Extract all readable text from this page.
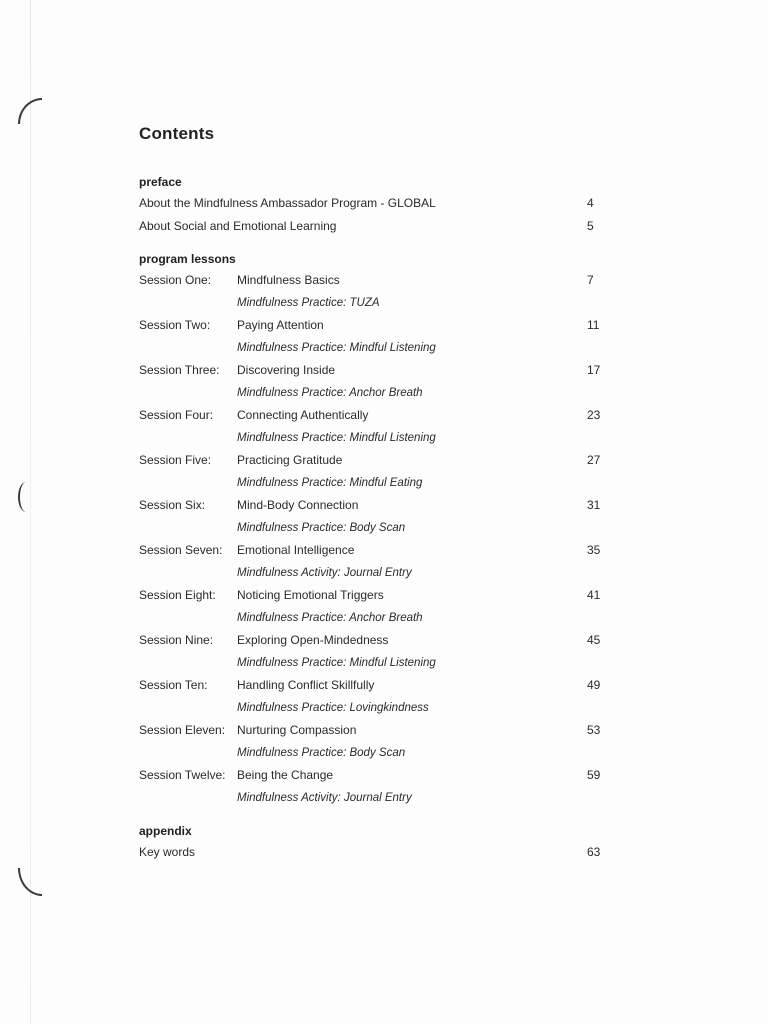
Contents
preface
About the Mindfulness Ambassador Program - GLOBAL	4
About Social and Emotional Learning	5
program lessons
Session One: Mindfulness Basics	7
Mindfulness Practice: TUZA
Session Two: Paying Attention	11
Mindfulness Practice: Mindful Listening
Session Three: Discovering Inside	17
Mindfulness Practice: Anchor Breath
Session Four: Connecting Authentically	23
Mindfulness Practice: Mindful Listening
Session Five: Practicing Gratitude	27
Mindfulness Practice: Mindful Eating
Session Six:	Mind-Body Connection	31
Mindfulness Practice: Body Scan
Session Seven: Emotional Intelligence	35
Mindfulness Activity: Journal Entry
Session Eight: Noticing Emotional Triggers	41
Mindfulness Practice: Anchor Breath
Session Nine: Exploring Open-Mindedness	45
Mindfulness Practice: Mindful Listening
Session Ten: Handling Conflict Skillfully	49
Mindfulness Practice: Lovingkindness
Session Eleven: Nurturing Compassion	53
Mindfulness Practice: Body Scan
Session Twelve: Being the Change	59
Mindfulness Activity: Journal Entry
appendix
Key words	63
